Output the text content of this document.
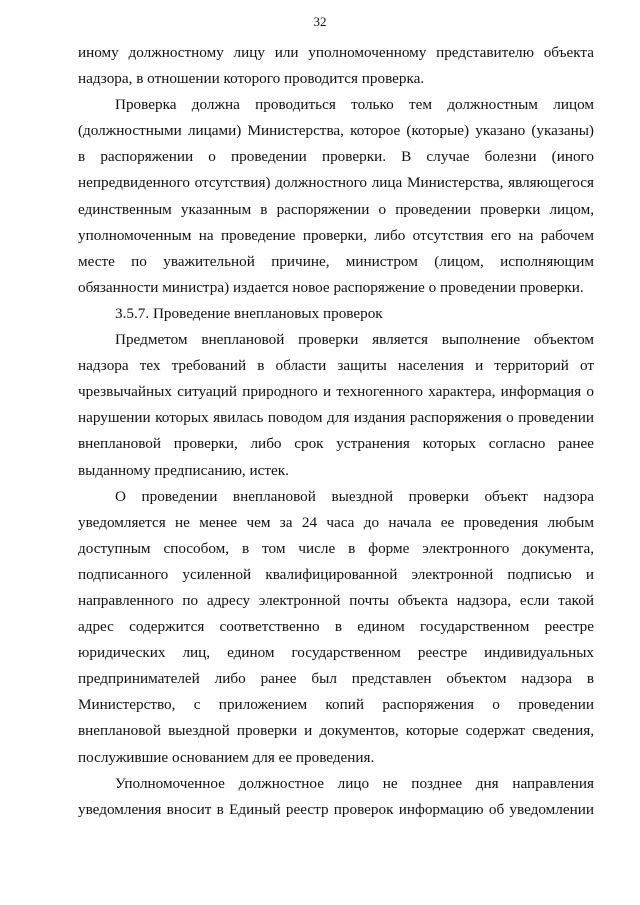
32

иному должностному лицу или уполномоченному представителю объекта

надзора, в отношении которого проводится проверка.

Проверка должна проводиться только тем должностным лицом

(должностными лицами) Министерства, которое (которые) указано (указаны)

в распоряжении о проведении проверки. В случае болезни (иного

непредвиденного отсутствия) должностного лица Министерства, являющегося

единственным указанным в распоряжении о проведении проверки лицом,

уполномоченным на проведение проверки, либо отсутствия его на рабочем

месте по уважительной причине, министром (лицом, исполняющим

обязанности министра) издается новое распоряжение о проведении проверки.

3.5.7. Проведение внеплановых проверок

Предметом внеплановой проверки является выполнение объектом

надзора тех требований в области защиты населения и территорий от

чрезвычайных ситуаций природного и техногенного характера, информация о

нарушении которых явилась поводом для издания распоряжения о проведении

внеплановой проверки, либо срок устранения которых согласно ранее

выданному предписанию, истек.

О проведении внеплановой выездной проверки объект надзора

уведомляется не менее чем за 24 часа до начала ее проведения любым

доступным способом, в том числе в форме электронного документа,

подписанного усиленной квалифицированной электронной подписью и

направленного по адресу электронной почты объекта надзора, если такой

адрес содержится соответственно в едином государственном реестре

юридических лиц, едином государственном реестре индивидуальных

предпринимателей либо ранее был представлен объектом надзора в

Министерство, с приложением копий распоряжения о проведении

внеплановой выездной проверки и документов, которые содержат сведения,

послужившие основанием для ее проведения.

Уполномоченное должностное лицо не позднее дня направления

уведомления вносит в Единый реестр проверок информацию об уведомлении
